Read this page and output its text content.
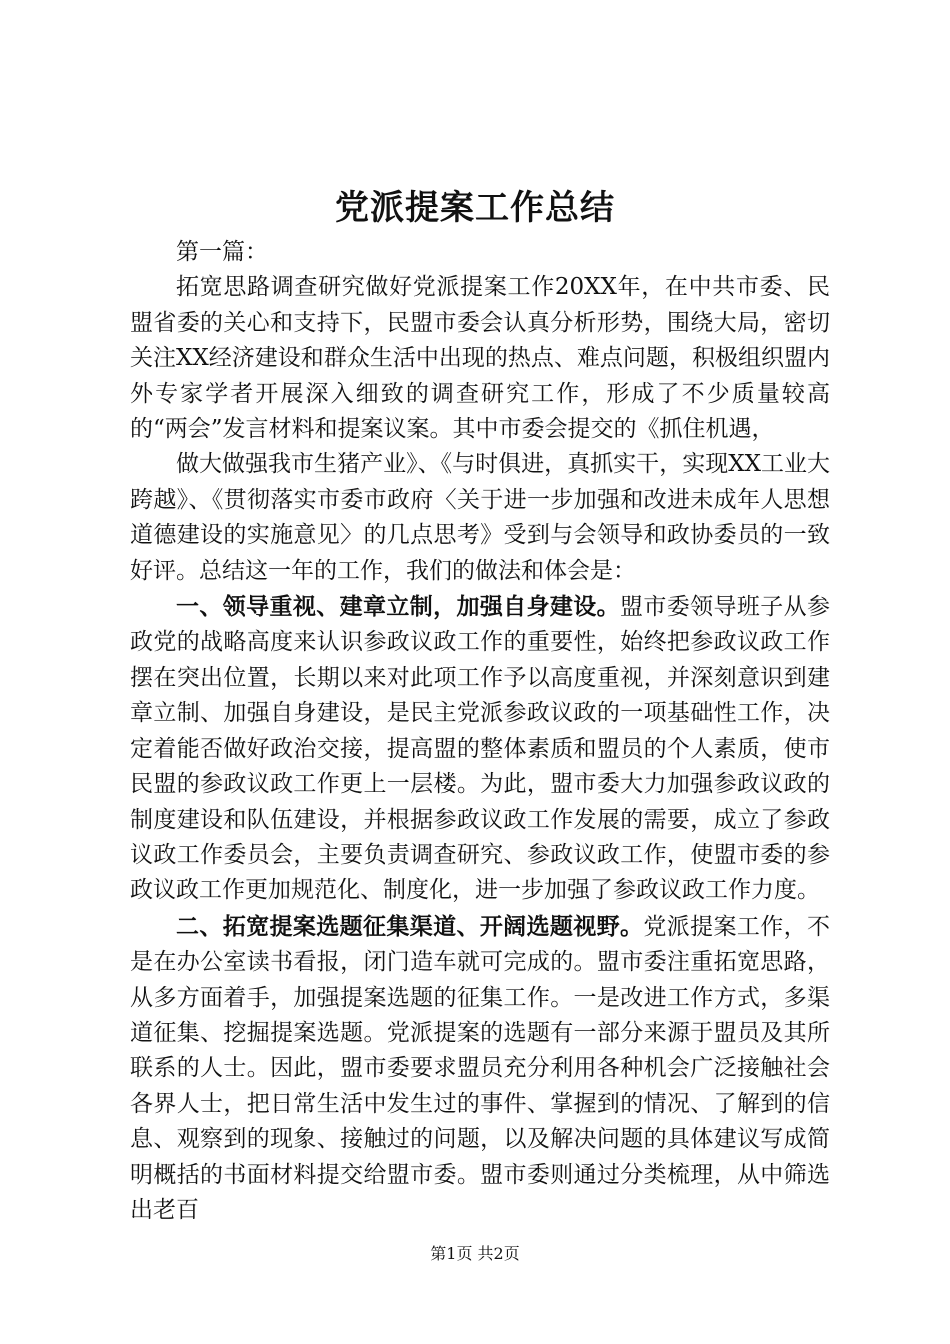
党派提案工作总结

第一篇：

拓宽思路调查研究做好党派提案工作20XX年，在中共市委、民盟省委的关心和支持下，民盟市委会认真分析形势，围绕大局，密切关注XX经济建设和群众生活中出现的热点、难点问题，积极组织盟内外专家学者开展深入细致的调查研究工作，形成了不少质量较高的“两会”发言材料和提案议案。其中市委会提交的《抓住机遇，

做大做强我市生猪产业》、《与时俱进，真抓实干，实现XX工业大跨越》、《贯彻落实市委市政府〈关于进一步加强和改进未成年人思想道德建设的实施意见〉的几点思考》受到与会领导和政协委员的一致好评。总结这一年的工作，我们的做法和体会是：

一、领导重视、建章立制，加强自身建设。盟市委领导班子从参政党的战略高度来认识参政议政工作的重要性，始终把参政议政工作摆在突出位置，长期以来对此项工作予以高度重视，并深刻意识到建章立制、加强自身建设，是民主党派参政议政的一项基础性工作，决定着能否做好政治交接，提高盟的整体素质和盟员的个人素质，使市民盟的参政议政工作更上一层楼。为此，盟市委大力加强参政议政的制度建设和队伍建设，并根据参政议政工作发展的需要，成立了参政议政工作委员会，主要负责调查研究、参政议政工作，使盟市委的参政议政工作更加规范化、制度化，进一步加强了参政议政工作力度。

二、拓宽提案选题征集渠道、开阔选题视野。党派提案工作，不是在办公室读书看报，闭门造车就可完成的。盟市委注重拓宽思路，从多方面着手，加强提案选题的征集工作。一是改进工作方式，多渠道征集、挖掘提案选题。党派提案的选题有一部分来源于盟员及其所联系的人士。因此，盟市委要求盟员充分利用各种机会广泛接触社会各界人士，把日常生活中发生过的事件、掌握到的情况、了解到的信息、观察到的现象、接触过的问题，以及解决问题的具体建议写成简明概括的书面材料提交给盟市委。盟市委则通过分类梳理，从中筛选出老百

第1页 共2页
